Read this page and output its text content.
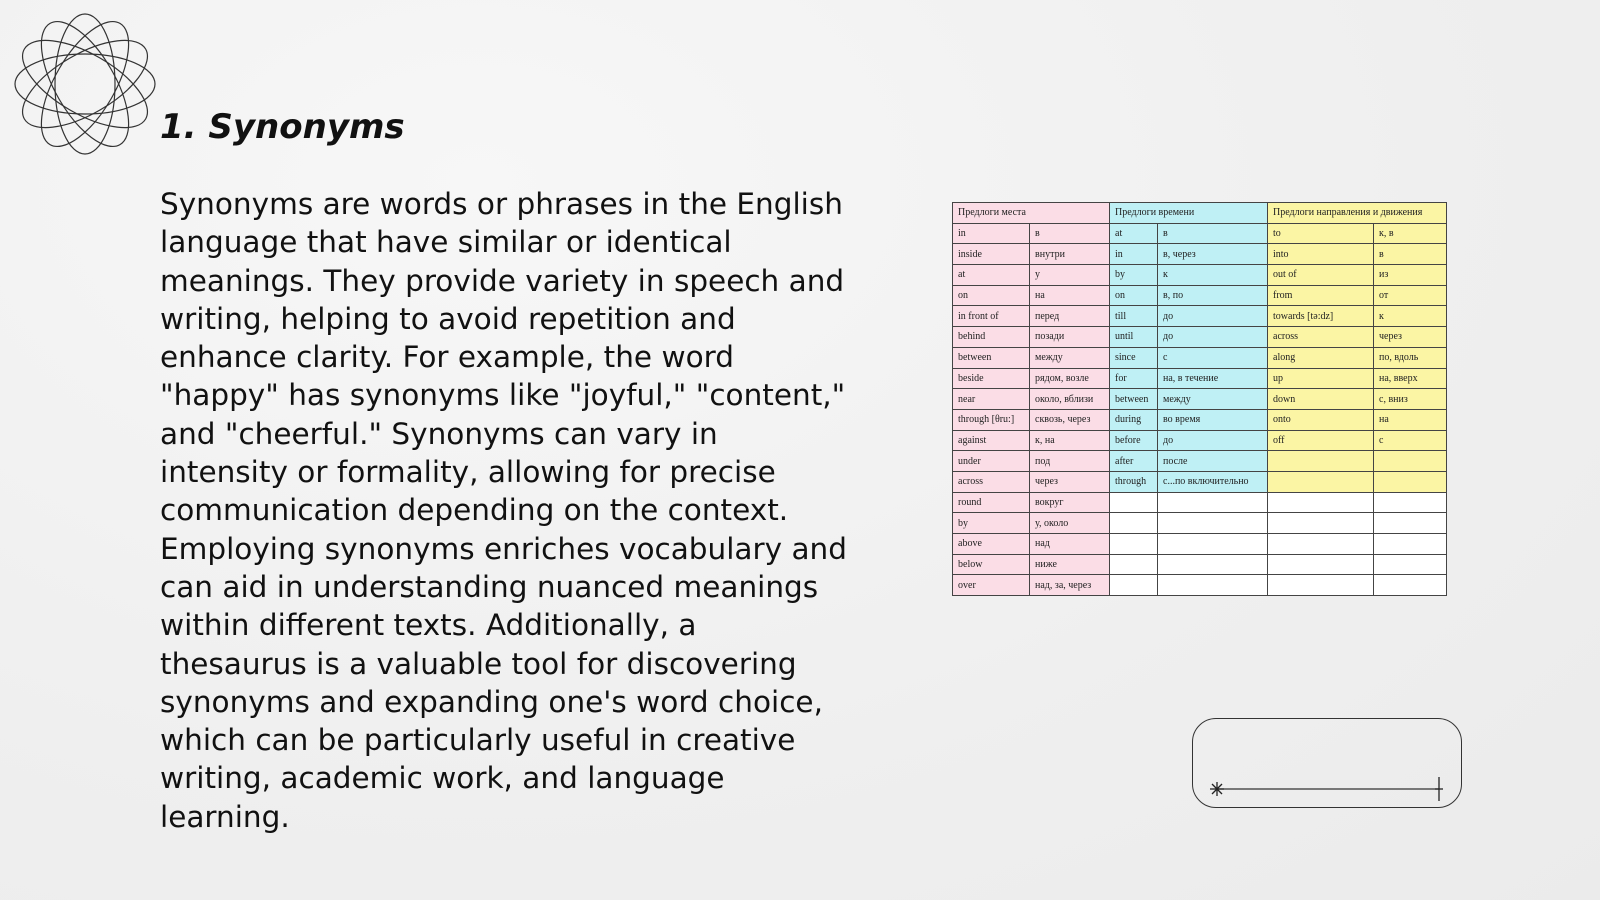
1. Synonyms

Synonyms are words or phrases in the English language that have similar or identical meanings. They provide variety in speech and writing, helping to avoid repetition and enhance clarity. For example, the word "happy" has synonyms like "joyful," "content," and "cheerful." Synonyms can vary in intensity or formality, allowing for precise communication depending on the context. Employing synonyms enriches vocabulary and can aid in understanding nuanced meanings within different texts. Additionally, a thesaurus is a valuable tool for discovering synonyms and expanding one's word choice, which can be particularly useful in creative writing, academic work, and language learning.

Предлоги места		Предлоги времени		Предлоги направления и движения	
in	в	at	в	to	к, в
inside	внутри	in	в, через	into	в
at	у	by	к	out of	из
on	на	on	в, по	from	от
in front of	перед	till	до	towards [tə:dz]	к
behind	позади	until	до	across	через
between	между	since	с	along	по, вдоль
beside	рядом, возле	for	на, в течение	up	на, вверх
near	около, вблизи	between	между	down	с, вниз
through [θru:]	сквозь, через	during	во время	onto	на
against	к, на	before	до	off	с
under	под	after	после		
across	через	through	с...по включительно		
round	вокруг				
by	у, около				
above	над				
below	ниже				
over	над, за, через				
